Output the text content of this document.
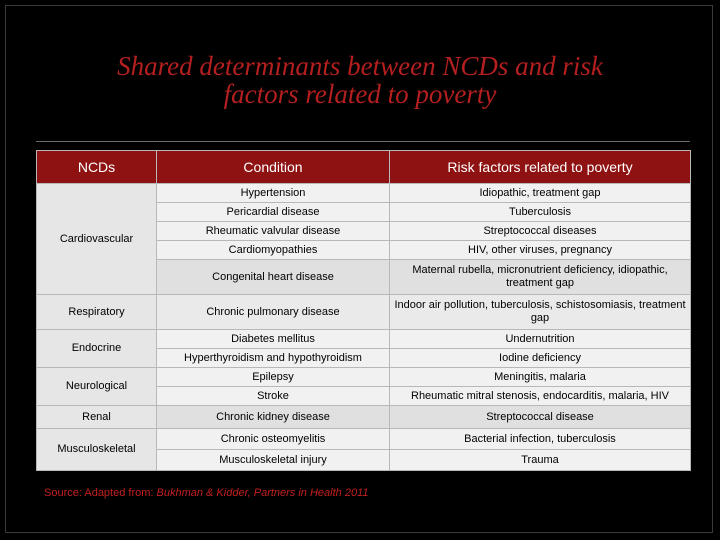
Shared determinants between NCDs and risk
factors related to poverty
NCDs	Condition	Risk factors related to poverty
Cardiovascular	Hypertension	Idiopathic, treatment gap
	Pericardial disease	Tuberculosis
	Rheumatic valvular disease	Streptococcal diseases
	Cardiomyopathies	HIV, other viruses, pregnancy
	Congenital heart disease	Maternal rubella, micronutrient deficiency, idiopathic, treatment gap
Respiratory	Chronic pulmonary disease	Indoor air pollution, tuberculosis, schistosomiasis, treatment gap
Endocrine	Diabetes mellitus	Undernutrition
	Hyperthyroidism and hypothyroidism	Iodine deficiency
Neurological	Epilepsy	Meningitis, malaria
	Stroke	Rheumatic mitral stenosis, endocarditis, malaria, HIV
Renal	Chronic kidney disease	Streptococcal disease
Musculoskeletal	Chronic osteomyelitis	Bacterial infection, tuberculosis
	Musculoskeletal injury	Trauma
Source: Adapted from: Bukhman & Kidder, Partners in Health 2011
